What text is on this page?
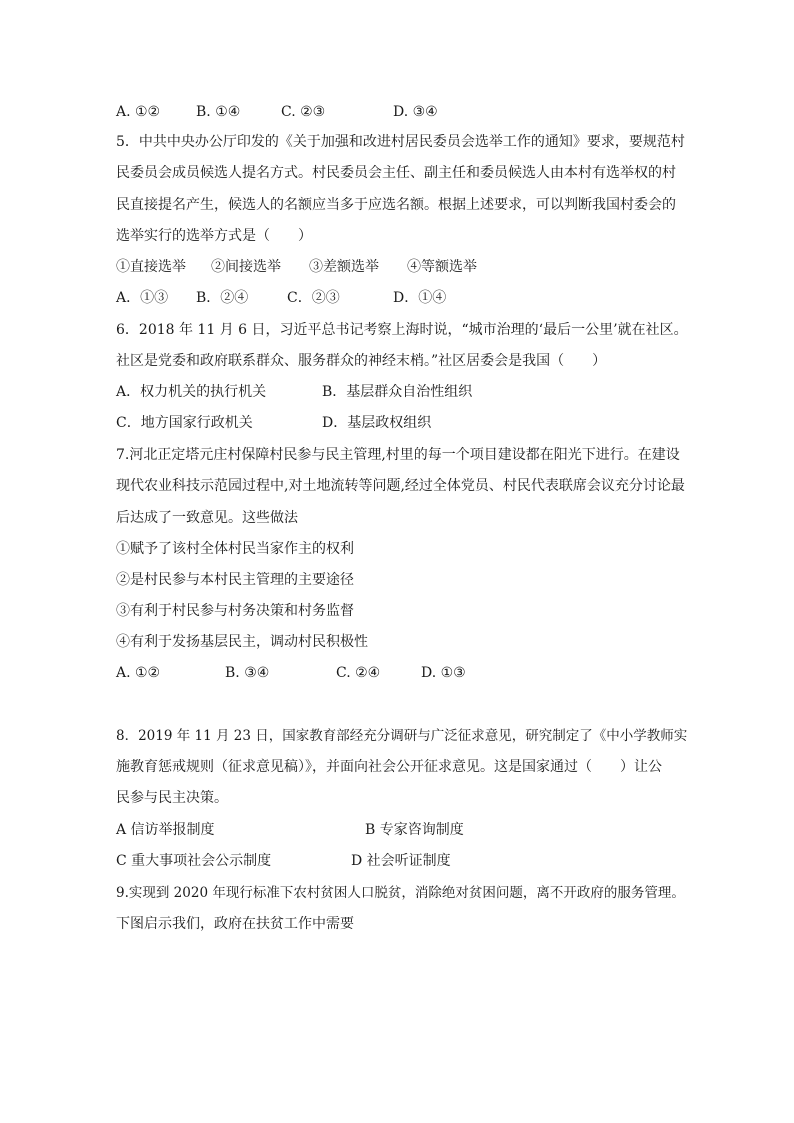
A. ①②	B. ①④	C. ②③	D. ③④
5．中共中央办公厅印发的《关于加强和改进村居民委员会选举工作的通知》要求，要规范村
民委员会成员候选人提名方式。村民委员会主任、副主任和委员候选人由本村有选举权的村
民直接提名产生，候选人的名额应当多于应选名额。根据上述要求，可以判断我国村委会的
选举实行的选举方式是（　　）
①直接选举 ②间接选举 ③差额选举 ④等额选举
A．①③ B．②④	C．②③	D．①④
6．2018 年 11 月 6 日，习近平总书记考察上海时说，“城市治理的‘最后一公里’就在社区。
社区是党委和政府联系群众、服务群众的神经末梢。”社区居委会是我国（　　）
A．权力机关的执行机关	B．基层群众自治性组织
C．地方国家行政机关	D．基层政权组织
7.河北正定塔元庄村保障村民参与民主管理,村里的每一个项目建设都在阳光下进行。在建设
现代农业科技示范园过程中,对土地流转等问题,经过全体党员、村民代表联席会议充分讨论最
后达成了一致意见。这些做法
①赋予了该村全体村民当家作主的权利
②是村民参与本村民主管理的主要途径
③有利于村民参与村务决策和村务监督
④有利于发扬基层民主，调动村民积极性
A. ①②	B. ③④	C. ②④	D. ①③
8．2019 年 11 月 23 日，国家教育部经充分调研与广泛征求意见，研究制定了《中小学教师实
施教育惩戒规则（征求意见稿）》，并面向社会公开征求意见。这是国家通过（　　）让公
民参与民主决策。
A 信访举报制度	B 专家咨询制度
C 重大事项社会公示制度	D 社会听证制度
9.实现到 2020 年现行标准下农村贫困人口脱贫，消除绝对贫困问题，离不开政府的服务管理。
下图启示我们，政府在扶贫工作中需要
